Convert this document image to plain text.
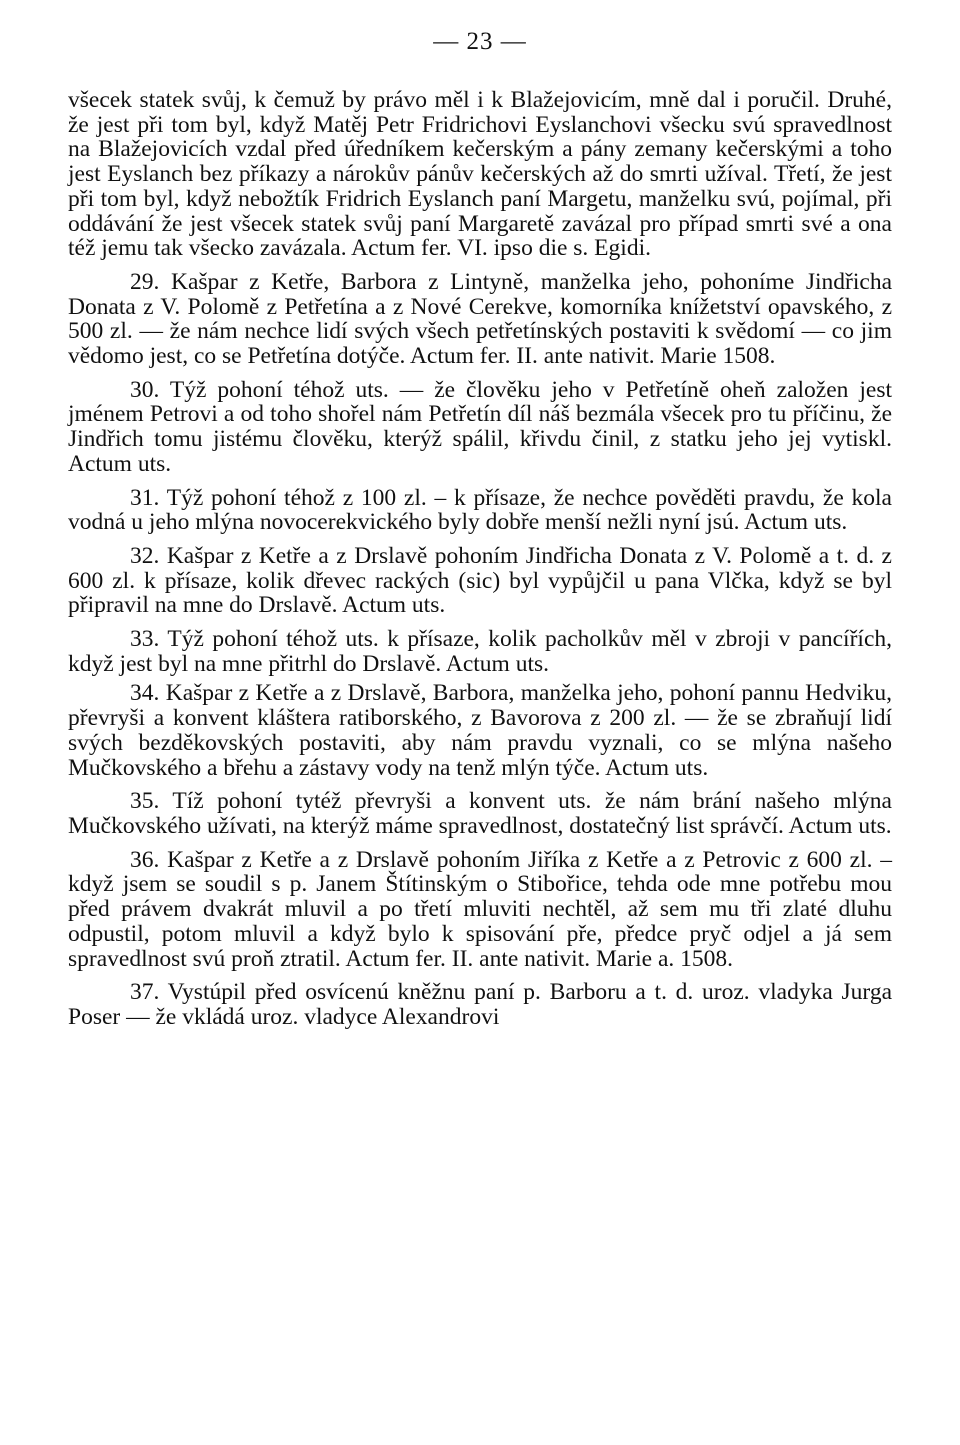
— 23 —

všecek statek svůj, k čemuž by právo měl i k Blažejovicím, mně dal i poručil. Druhé, že jest při tom byl, když Matěj Petr Fridrichovi Eyslanchovi všecku svú spravedlnost na Blažejovicích vzdal před úředníkem kečerským a pány zemany kečerskými a toho jest Eyslanch bez příkazy a nárokův pánův kečerských až do smrti užíval. Třetí, že jest při tom byl, když nebožtík Fridrich Eyslanch paní Margetu, manželku svú, pojímal, při oddávání že jest všecek statek svůj paní Margaretě zavázal pro případ smrti své a ona též jemu tak všecko zavázala. Actum fer. VI. ipso die s. Egidi.

29. Kašpar z Ketře, Barbora z Lintyně, manželka jeho, pohoníme Jindřicha Donata z V. Polomě z Petřetína a z Nové Cerekve, komorníka knížetství opavského, z 500 zl. — že nám nechce lidí svých všech petřetínských postaviti k svědomí — co jim vědomo jest, co se Petřetína dotýče. Actum fer. II. ante nativit. Marie 1508.

30. Týž pohoní téhož uts. — že člověku jeho v Petřetíně oheň založen jest jménem Petrovi a od toho shořel nám Petřetín díl náš bezmála všecek pro tu příčinu, že Jindřich tomu jistému člověku, kterýž spálil, křivdu činil, z statku jeho jej vytiskl. Actum uts.

31. Týž pohoní téhož z 100 zl. – k přísaze, že nechce pověděti pravdu, že kola vodná u jeho mlýna novocerekvického byly dobře menší nežli nyní jsú. Actum uts.

32. Kašpar z Ketře a z Drslavě pohoním Jindřicha Donata z V. Polomě a t. d. z 600 zl. k přísaze, kolik dřevec rackých (sic) byl vypůjčil u pana Vlčka, když se byl připravil na mne do Drslavě. Actum uts.

33. Týž pohoní téhož uts. k přísaze, kolik pacholkův měl v zbroji v pancířích, když jest byl na mne přitrhl do Drslavě. Actum uts.

34. Kašpar z Ketře a z Drslavě, Barbora, manželka jeho, pohoní pannu Hedviku, převryši a konvent kláštera ratiborského, z Bavorova z 200 zl. — že se zbraňují lidí svých bezděkovských postaviti, aby nám pravdu vyznali, co se mlýna našeho Mučkovského a břehu a zástavy vody na tenž mlýn týče. Actum uts.

35. Tíž pohoní tytéž převryši a konvent uts. že nám brání našeho mlýna Mučkovského užívati, na kterýž máme spravedlnost, dostatečný list správčí. Actum uts.

36. Kašpar z Ketře a z Drslavě pohoním Jiříka z Ketře a z Petrovic z 600 zl. – když jsem se soudil s p. Janem Štítinským o Stibořice, tehda ode mne potřebu mou před právem dvakrát mluvil a po třetí mluviti nechtěl, až sem mu tři zlaté dluhu odpustil, potom mluvil a když bylo k spisování pře, předce pryč odjel a já sem spravedlnost svú proň ztratil. Actum fer. II. ante nativit. Marie a. 1508.

37. Vystúpil před osvícenú kněžnu paní p. Barboru a t. d. uroz. vladyka Jurga Poser — že vkládá uroz. vladyce Alexandrovi
